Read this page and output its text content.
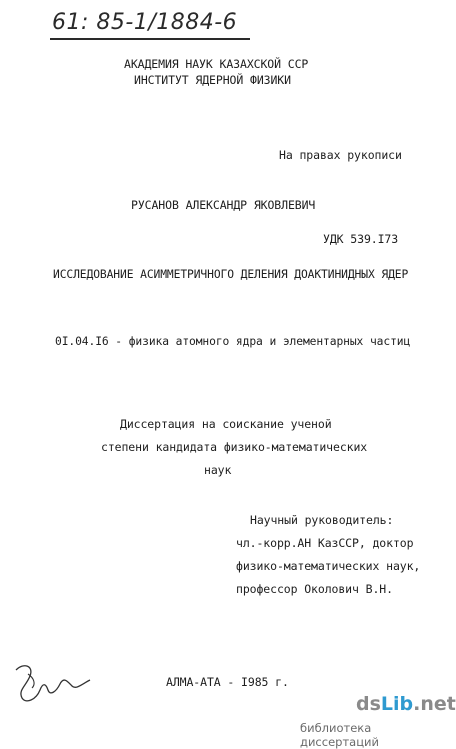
61: 85-1/1884-6
АКАДЕМИЯ НАУК КАЗАХСКОЙ ССР
ИНСТИТУТ ЯДЕРНОЙ ФИЗИКИ
На правах рукописи
РУСАНОВ АЛЕКСАНДР ЯКОВЛЕВИЧ
УДК 539.I73
ИССЛЕДОВАНИЕ АСИММЕТРИЧНОГО ДЕЛЕНИЯ ДОАКТИНИДНЫХ ЯДЕР
0I.04.I6 - физика атомного ядра и элементарных частиц
Диссертация на соискание ученой
степени кандидата физико-математических
наук
Научный руководитель:
чл.-корр.АН КазССР, доктор
физико-математических наук,
профессор Околович В.Н.
АЛМА-АТА - I985 г.
dsLib.net
библиотека диссертаций
